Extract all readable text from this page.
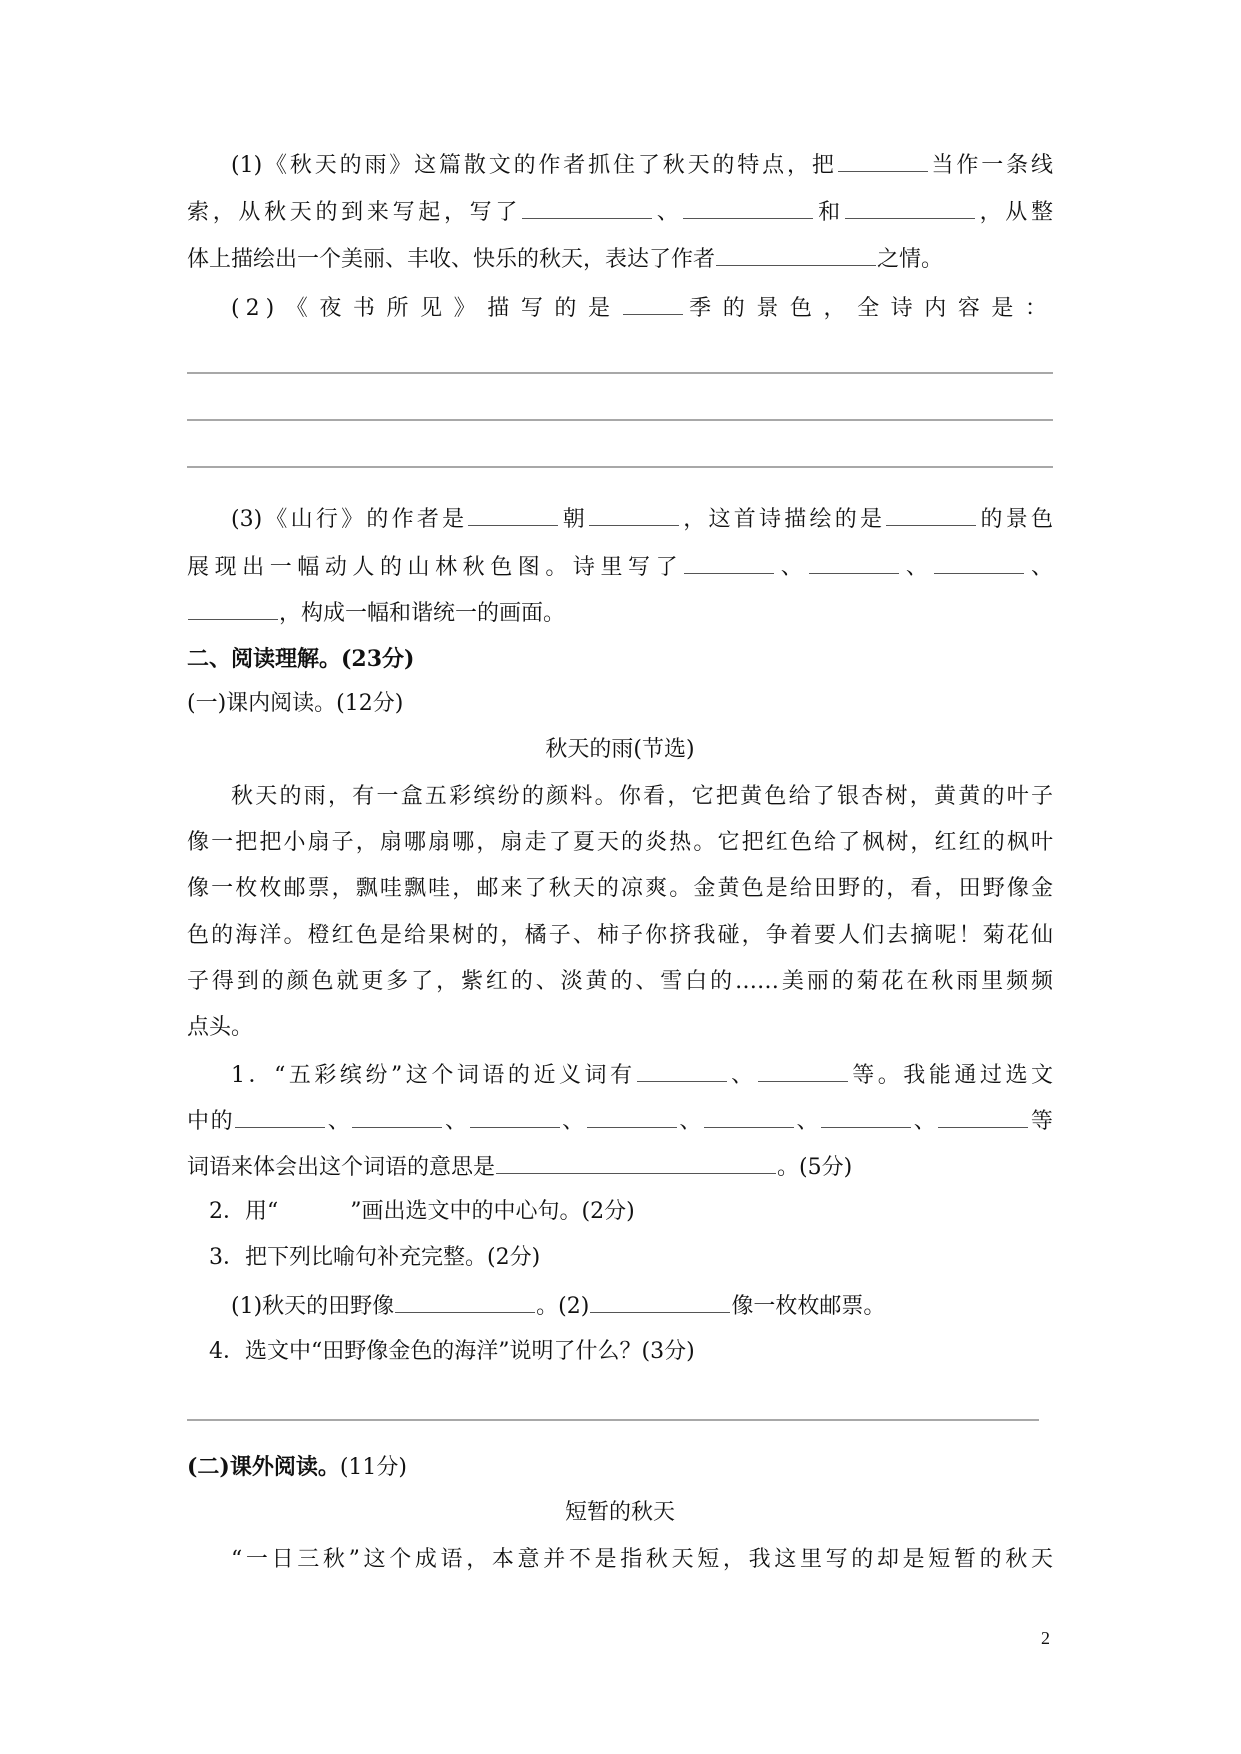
(1)《秋天的雨》这篇散文的作者抓住了秋天的特点，把	当作一条线
索，从秋天的到来写起，写了	、	和	，从整
体上描绘出一个美丽、丰收、快乐的秋天，表达了作者	之情。
(2)《夜书所见》描写的是	季的景色，全诗内容是：
(3)《山行》的作者是	朝	，这首诗描绘的是	的景色
展现出一幅动人的山林秋色图。诗里写了	、	、	、
，构成一幅和谐统一的画面。
二、阅读理解。(23分)
(一)课内阅读。(12分)
秋天的雨(节选)
秋天的雨，有一盒五彩缤纷的颜料。你看，它把黄色给了银杏树，黄黄的叶子
像一把把小扇子，扇哪扇哪，扇走了夏天的炎热。它把红色给了枫树，红红的枫叶
像一枚枚邮票，飘哇飘哇，邮来了秋天的凉爽。金黄色是给田野的，看，田野像金
色的海洋。橙红色是给果树的，橘子、柿子你挤我碰，争着要人们去摘呢！菊花仙
子得到的颜色就更多了，紫红的、淡黄的、雪白的……美丽的菊花在秋雨里频频
点头。
1．“五彩缤纷”这个词语的近义词有	、	等。我能通过选文
中的	、	、	、	、	、	、	等
词语来体会出这个词语的意思是	。(5分)
2．用“	”画出选文中的中心句。(2分)
3．把下列比喻句补充完整。(2分)
(1)秋天的田野像	。(2)	像一枚枚邮票。
4．选文中“田野像金色的海洋”说明了什么？(3分)
(二)课外阅读。(11分)
短暂的秋天
“一日三秋”这个成语，本意并不是指秋天短，我这里写的却是短暂的秋天
2
